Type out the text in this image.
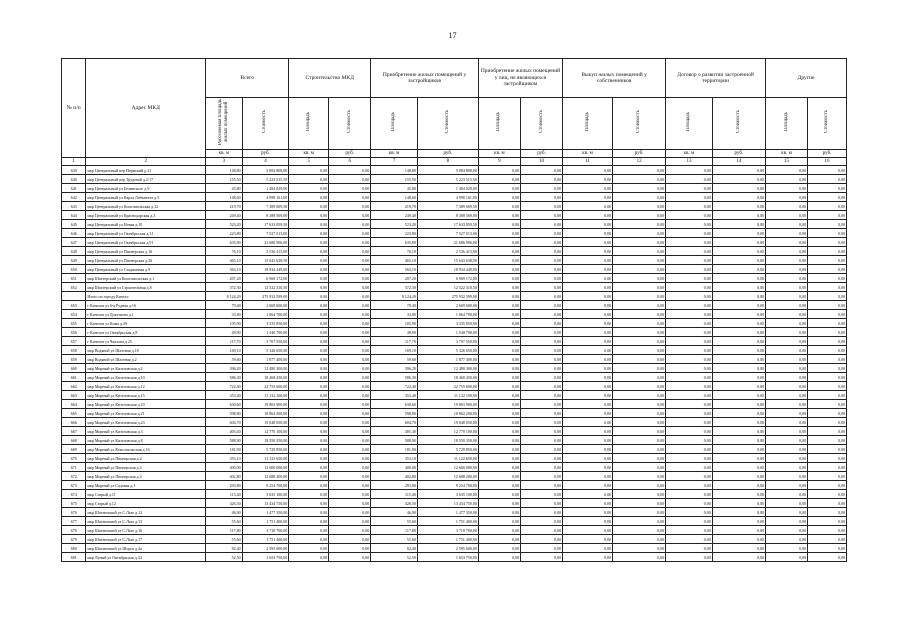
17
№ п/п	Адрес МКД	Всего		Строительство МКД		Приобретение жилых помещений у застройщиков		Приобретение жилых помещений у лиц, не являющихся застройщиком		Выкуп жилых помещений у собственников		Договор о развитии застроенной территории		Другие	
		Расселяемая площадь жилых помещений	Стоимость	Площадь	Стоимость	Площадь	Стоимость	Площадь	Стоимость	Площадь	Стоимость	Площадь	Стоимость	Площадь	Стоимость
		кв. м	руб.	кв. м	руб.	кв. м	руб.	кв. м	руб.	кв. м	руб.	кв. м	руб.	кв. м	руб.
1	2	3	4	5	6	7	8	9	10	11	12	13	14	15	16
639	мкр Центральный пер Пермский д.31	148,80	5 084 808,00	0,00	0,00	148,80	5 084 808,00	0,00	0,00	0,00	0,00	0,00	0,00	0,00	0,00
640	мкр Центральный пер Трудовой д.2/17	155,50	5 223 515,50	0,00	0,00	155,50	5 223 515,50	0,00	0,00	0,00	0,00	0,00	0,00	0,00	0,00
641	мкр Центральный ул Белинского д.9	45,80	1 484 029,00	0,00	0,00	45,80	1 484 029,00	0,00	0,00	0,00	0,00	0,00	0,00	0,00	0,00
642	мкр Центральный ул Карла Либкнехта д.5	148,60	4 998 161,00	0,00	0,00	148,60	4 998 161,00	0,00	0,00	0,00	0,00	0,00	0,00	0,00	0,00
643	мкр Центральный ул Комсомольская д.12	219,70	7 389 609,50	0,00	0,00	219,70	7 389 609,50	0,00	0,00	0,00	0,00	0,00	0,00	0,00	0,00
644	мкр Центральный ул Краснодарская д.3	249,40	8 388 569,00	0,00	0,00	249,40	8 388 569,00	0,00	0,00	0,00	0,00	0,00	0,00	0,00	0,00
645	мкр Центральный ул Новая д.10	523,20	17 633 059,50	0,00	0,00	523,20	17 633 059,50	0,00	0,00	0,00	0,00	0,00	0,00	0,00	0,00
646	мкр Центральный ул Октябрьская д.31	223,80	7 527 513,00	0,00	0,00	223,80	7 527 513,00	0,00	0,00	0,00	0,00	0,00	0,00	0,00	0,00
647	мкр Центральный ул Октябрьская д.91	635,90	21 686 906,00	0,00	0,00	635,90	21 686 906,00	0,00	0,00	0,00	0,00	0,00	0,00	0,00	0,00
648	мкр Центральный ул Пионерская д.16	76,10	2 536 415,00	0,00	0,00	76,10	2 536 415,00	0,00	0,00	0,00	0,00	0,00	0,00	0,00	0,00
649	мкр Центральный ул Пионерская д.26	465,10	15 643 638,50	0,00	0,00	465,10	15 643 638,50	0,00	0,00	0,00	0,00	0,00	0,00	0,00	0,00
650	мкр Центральный ул Стадионная д.9	563,10	18 934 449,00	0,00	0,00	563,10	18 934 449,00	0,00	0,00	0,00	0,00	0,00	0,00	0,00	0,00
651	мкр Шахтерский ул Комсомольская д.1	207,20	6 969 172,00	0,00	0,00	207,20	6 969 172,00	0,00	0,00	0,00	0,00	0,00	0,00	0,00	0,00
652	мкр Шахтерский ул Строительная д.8	372,30	12 522 310,50	0,00	0,00	372,30	12 522 310,50	0,00	0,00	0,00	0,00	0,00	0,00	0,00	0,00
	Итого по городу Кизелу:	8 124,29	275 932 599,00	0,00	0,00	8 124,29	275 932 599,00	0,00	0,00	0,00	0,00	0,00	0,00	0,00	0,00
653	г Кизелов ул 6-я Рудная д.16	79,40	2 669 600,00	0,00	0,00	79,40	2 669 600,00	0,00	0,00	0,00	0,00	0,00	0,00	0,00	0,00
654	г Кизелов ул Докучаева д.1	33,80	1 064 700,00	0,00	0,00	33,80	1 064 700,00	0,00	0,00	0,00	0,00	0,00	0,00	0,00	0,00
655	г Кизелов ул Кима д.39	105,90	3 335 850,00	0,00	0,00	105,90	3 335 850,00	0,00	0,00	0,00	0,00	0,00	0,00	0,00	0,00
656	г Кизелов ул Октябрьская д.8	49,90	1 540 700,00	0,00	0,00	49,90	1 540 700,00	0,00	0,00	0,00	0,00	0,00	0,00	0,00	0,00
657	г Кизелов ул Чкалова д.25	117,70	3 707 550,00	0,00	0,00	117,70	3 707 550,00	0,00	0,00	0,00	0,00	0,00	0,00	0,00	0,00
658	мкр Водяной ул Шахтная д.18	169,10	5 326 650,00	0,00	0,00	169,10	5 326 650,00	0,00	0,00	0,00	0,00	0,00	0,00	0,00	0,00
659	мкр Водяной ул Шахтная д.2	59,60	1 877 400,00	0,00	0,00	59,60	1 877 400,00	0,00	0,00	0,00	0,00	0,00	0,00	0,00	0,00
660	мкр Мирный ул Кизеловская д.2	396,20	12 480 300,00	0,00	0,00	396,20	12 480 300,00	0,00	0,00	0,00	0,00	0,00	0,00	0,00	0,00
661	мкр Мирный ул Кизеловская д.10	586,30	18 468 450,00	0,00	0,00	586,30	18 468 450,00	0,00	0,00	0,00	0,00	0,00	0,00	0,00	0,00
662	мкр Мирный ул Кизеловская д.12	722,40	22 755 600,00	0,00	0,00	722,40	22 755 600,00	0,00	0,00	0,00	0,00	0,00	0,00	0,00	0,00
663	мкр Мирный ул Кизеловская д.15	353,40	11 132 100,00	0,00	0,00	353,40	11 132 100,00	0,00	0,00	0,00	0,00	0,00	0,00	0,00	0,00
664	мкр Мирный ул Кизеловская д.19	630,60	19 863 900,00	0,00	0,00	630,60	19 863 900,00	0,00	0,00	0,00	0,00	0,00	0,00	0,00	0,00
665	мкр Мирный ул Кизеловская д.21	598,80	18 862 200,00	0,00	0,00	598,80	18 862 200,00	0,00	0,00	0,00	0,00	0,00	0,00	0,00	0,00
666	мкр Мирный ул Кизеловская д.23	604,70	19 048 050,00	0,00	0,00	604,70	19 048 050,00	0,00	0,00	0,00	0,00	0,00	0,00	0,00	0,00
667	мкр Мирный ул Кизеловская д.3	405,40	12 770 100,00	0,00	0,00	405,40	12 770 100,00	0,00	0,00	0,00	0,00	0,00	0,00	0,00	0,00
668	мкр Мирный ул Кизеловская д.8	588,90	18 550 350,00	0,00	0,00	588,90	18 550 350,00	0,00	0,00	0,00	0,00	0,00	0,00	0,00	0,00
669	мкр Мирный ул Комсомольская д.16	181,90	5 729 850,00	0,00	0,00	181,90	5 729 850,00	0,00	0,00	0,00	0,00	0,00	0,00	0,00	0,00
670	мкр Мирный ул Пионерская д.2	353,10	11 122 650,00	0,00	0,00	353,10	11 122 650,00	0,00	0,00	0,00	0,00	0,00	0,00	0,00	0,00
671	мкр Мирный ул Пионерская д.3	400,00	12 600 000,00	0,00	0,00	400,00	12 600 000,00	0,00	0,00	0,00	0,00	0,00	0,00	0,00	0,00
672	мкр Мирный ул Пионерская д.4	402,80	12 688 200,00	0,00	0,00	402,80	12 688 200,00	0,00	0,00	0,00	0,00	0,00	0,00	0,00	0,00
673	мкр Мирный ул Садовая д.1	293,80	9 254 700,00	0,00	0,00	293,80	9 254 700,00	0,00	0,00	0,00	0,00	0,00	0,00	0,00	0,00
674	мкр Старый д.11	115,40	3 635 100,00	0,00	0,00	115,40	3 635 100,00	0,00	0,00	0,00	0,00	0,00	0,00	0,00	0,00
675	мкр Старый д.12	426,50	13 434 750,00	0,00	0,00	426,50	13 434 750,00	0,00	0,00	0,00	0,00	0,00	0,00	0,00	0,00
676	мкр Шахтинский ул С.Лазо д.12	46,90	1 477 350,00	0,00	0,00	46,90	1 477 350,00	0,00	0,00	0,00	0,00	0,00	0,00	0,00	0,00
677	мкр Шахтинский ул С.Лазо д.13	55,60	1 751 400,00	0,00	0,00	55,60	1 751 400,00	0,00	0,00	0,00	0,00	0,00	0,00	0,00	0,00
678	мкр Шахтинский ул С.Лазо д.16	117,80	3 710 700,00	0,00	0,00	117,80	3 710 700,00	0,00	0,00	0,00	0,00	0,00	0,00	0,00	0,00
679	мкр Шахтинский ул С.Лазо д.17	55,60	1 751 400,00	0,00	0,00	55,60	1 751 400,00	0,00	0,00	0,00	0,00	0,00	0,00	0,00	0,00
680	мкр Шахтинский ул Шорса д.4а	82,40	2 595 600,00	0,00	0,00	82,40	2 595 600,00	0,00	0,00	0,00	0,00	0,00	0,00	0,00	0,00
681	мкр Луный ул Октябрьская д.34	52,50	1 653 750,00	0,00	0,00	52,50	1 653 750,00	0,00	0,00	0,00	0,00	0,00	0,00	0,00	0,00
